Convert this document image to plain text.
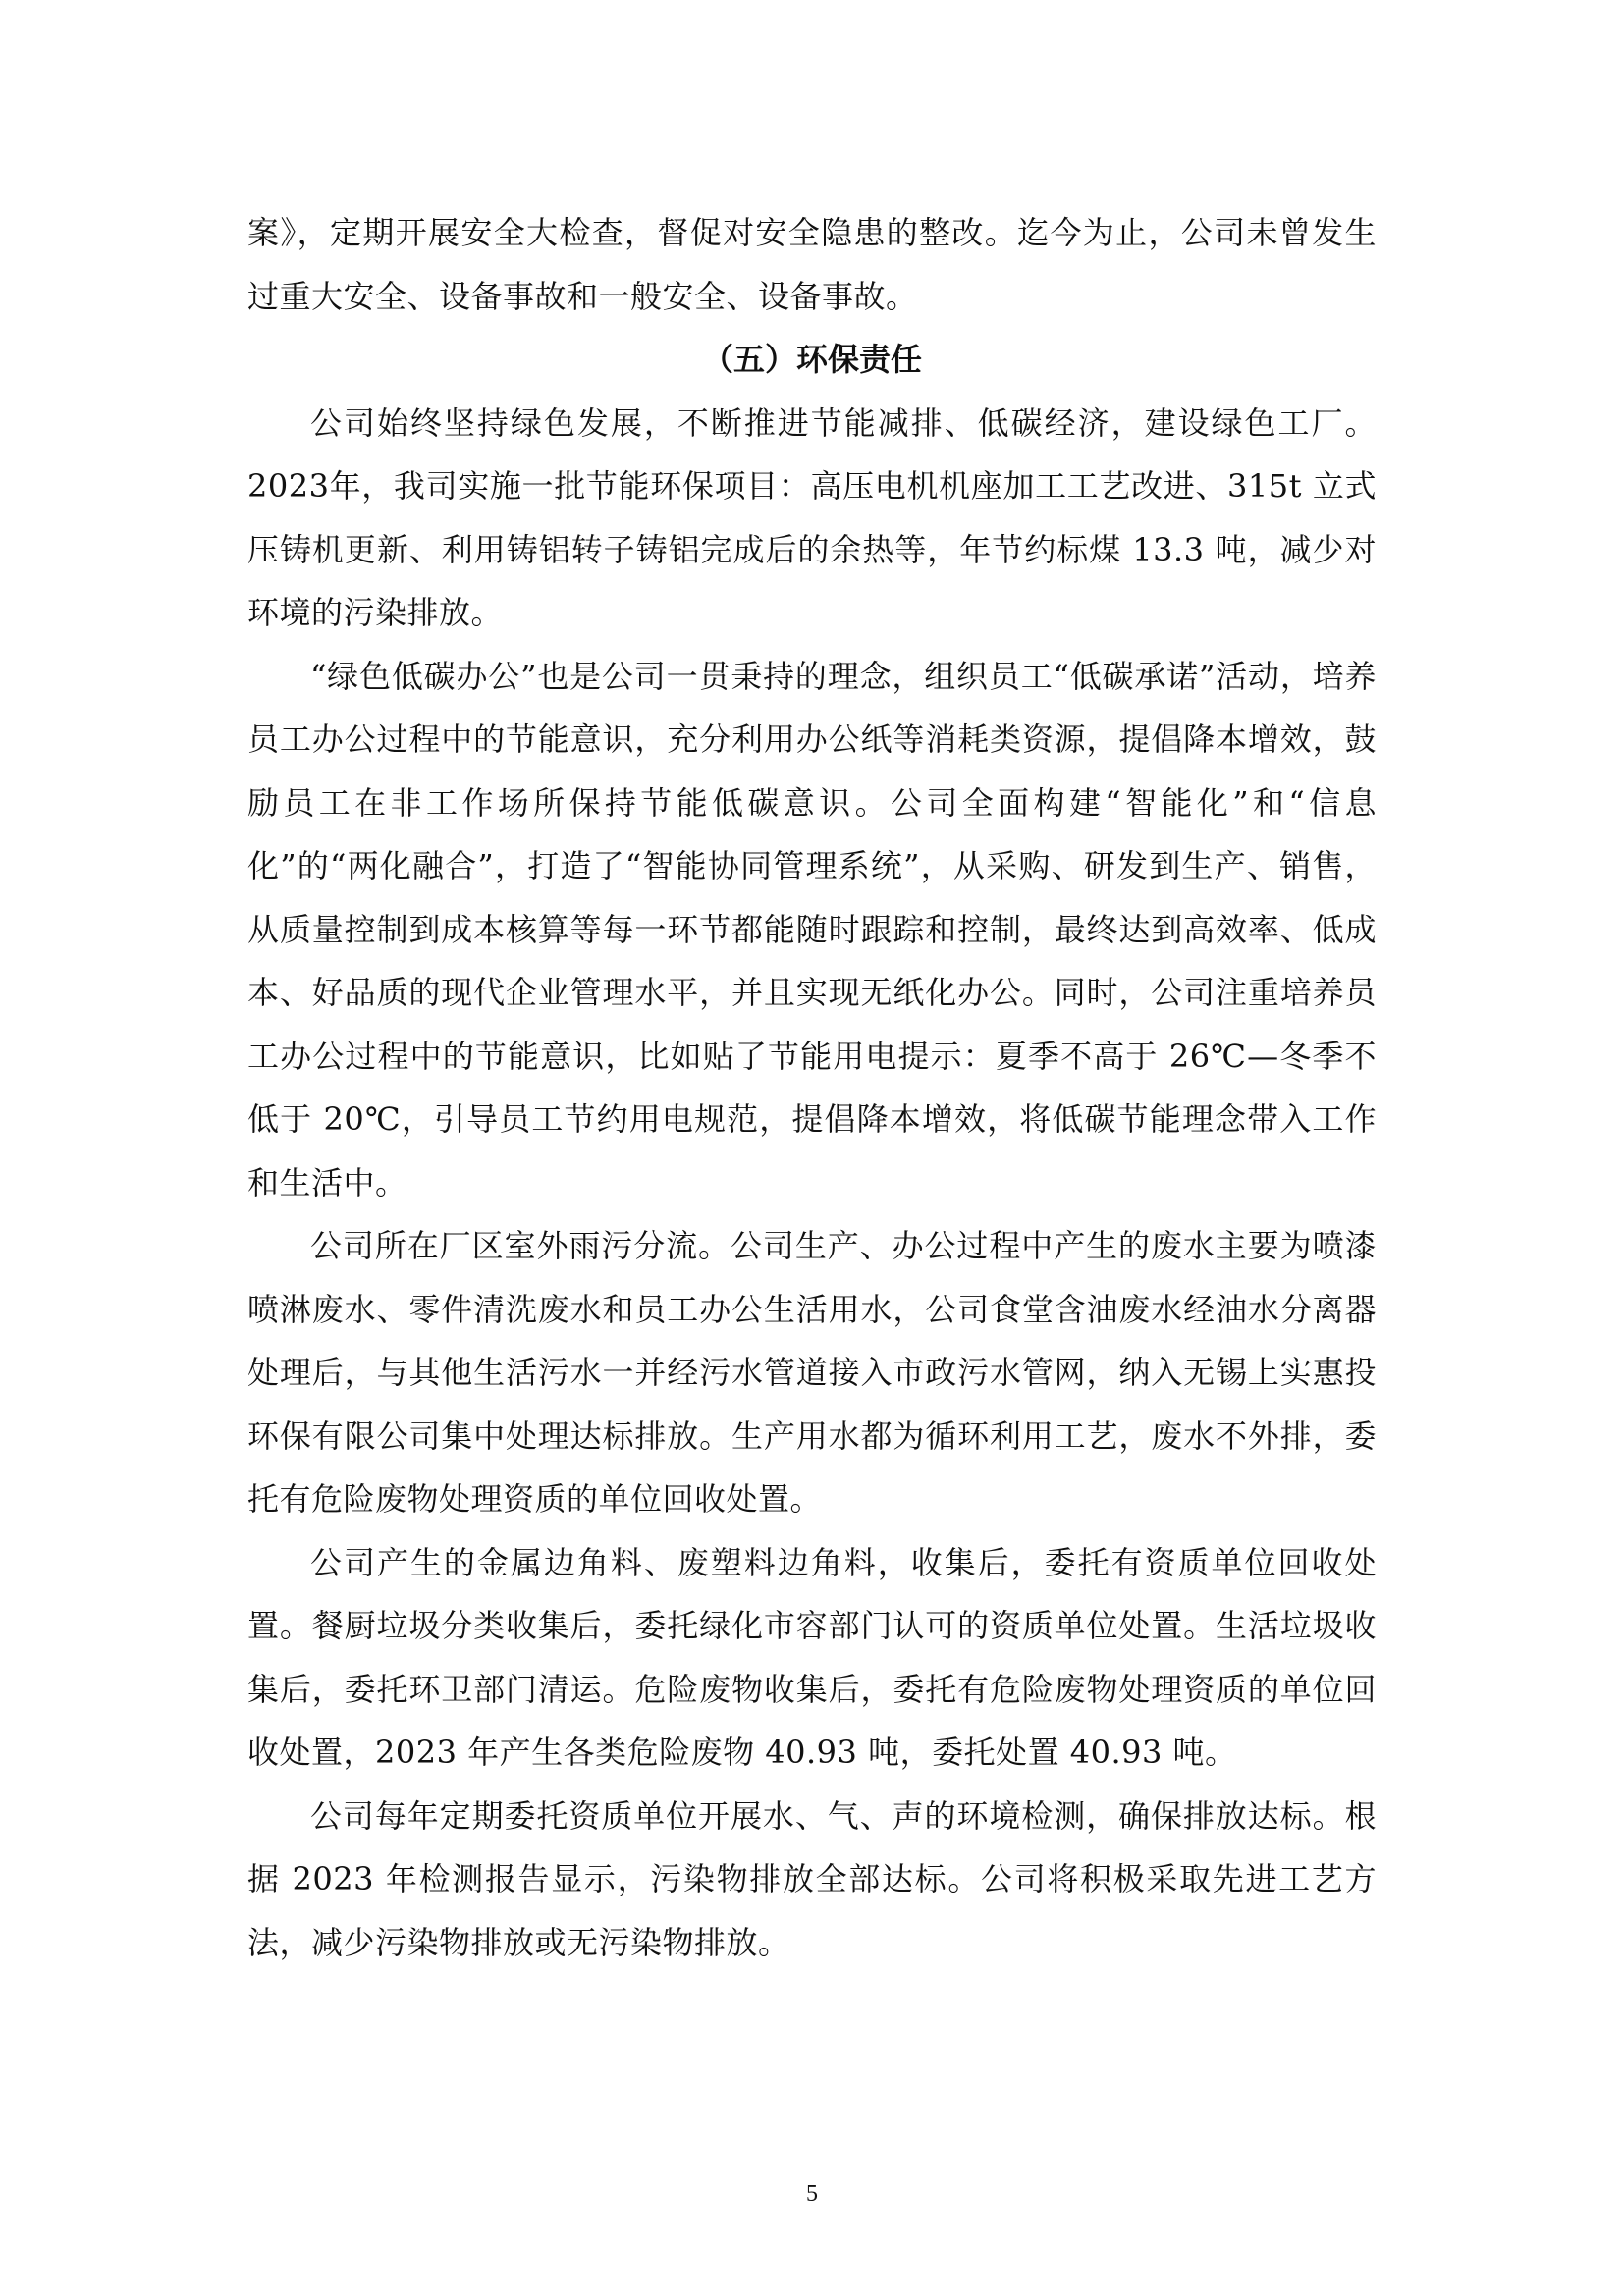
案》，定期开展安全大检查，督促对安全隐患的整改。迄今为止，公司未曾发生过重大安全、设备事故和一般安全、设备事故。

（五）环保责任

公司始终坚持绿色发展，不断推进节能减排、低碳经济，建设绿色工厂。2023年，我司实施一批节能环保项目：高压电机机座加工工艺改进、315t 立式压铸机更新、利用铸铝转子铸铝完成后的余热等，年节约标煤 13.3 吨，减少对环境的污染排放。

“绿色低碳办公”也是公司一贯秉持的理念，组织员工“低碳承诺”活动，培养员工办公过程中的节能意识，充分利用办公纸等消耗类资源，提倡降本增效，鼓励员工在非工作场所保持节能低碳意识。公司全面构建“智能化”和“信息化”的“两化融合”，打造了“智能协同管理系统”，从采购、研发到生产、销售，从质量控制到成本核算等每一环节都能随时跟踪和控制，最终达到高效率、低成本、好品质的现代企业管理水平，并且实现无纸化办公。同时，公司注重培养员工办公过程中的节能意识，比如贴了节能用电提示：夏季不高于 26℃—冬季不低于 20℃，引导员工节约用电规范，提倡降本增效，将低碳节能理念带入工作和生活中。

公司所在厂区室外雨污分流。公司生产、办公过程中产生的废水主要为喷漆喷淋废水、零件清洗废水和员工办公生活用水，公司食堂含油废水经油水分离器处理后，与其他生活污水一并经污水管道接入市政污水管网，纳入无锡上实惠投环保有限公司集中处理达标排放。生产用水都为循环利用工艺，废水不外排，委托有危险废物处理资质的单位回收处置。

公司产生的金属边角料、废塑料边角料，收集后，委托有资质单位回收处置。餐厨垃圾分类收集后，委托绿化市容部门认可的资质单位处置。生活垃圾收集后，委托环卫部门清运。危险废物收集后，委托有危险废物处理资质的单位回收处置，2023 年产生各类危险废物 40.93 吨，委托处置 40.93 吨。

公司每年定期委托资质单位开展水、气、声的环境检测，确保排放达标。根据 2023 年检测报告显示，污染物排放全部达标。公司将积极采取先进工艺方法，减少污染物排放或无污染物排放。

5
